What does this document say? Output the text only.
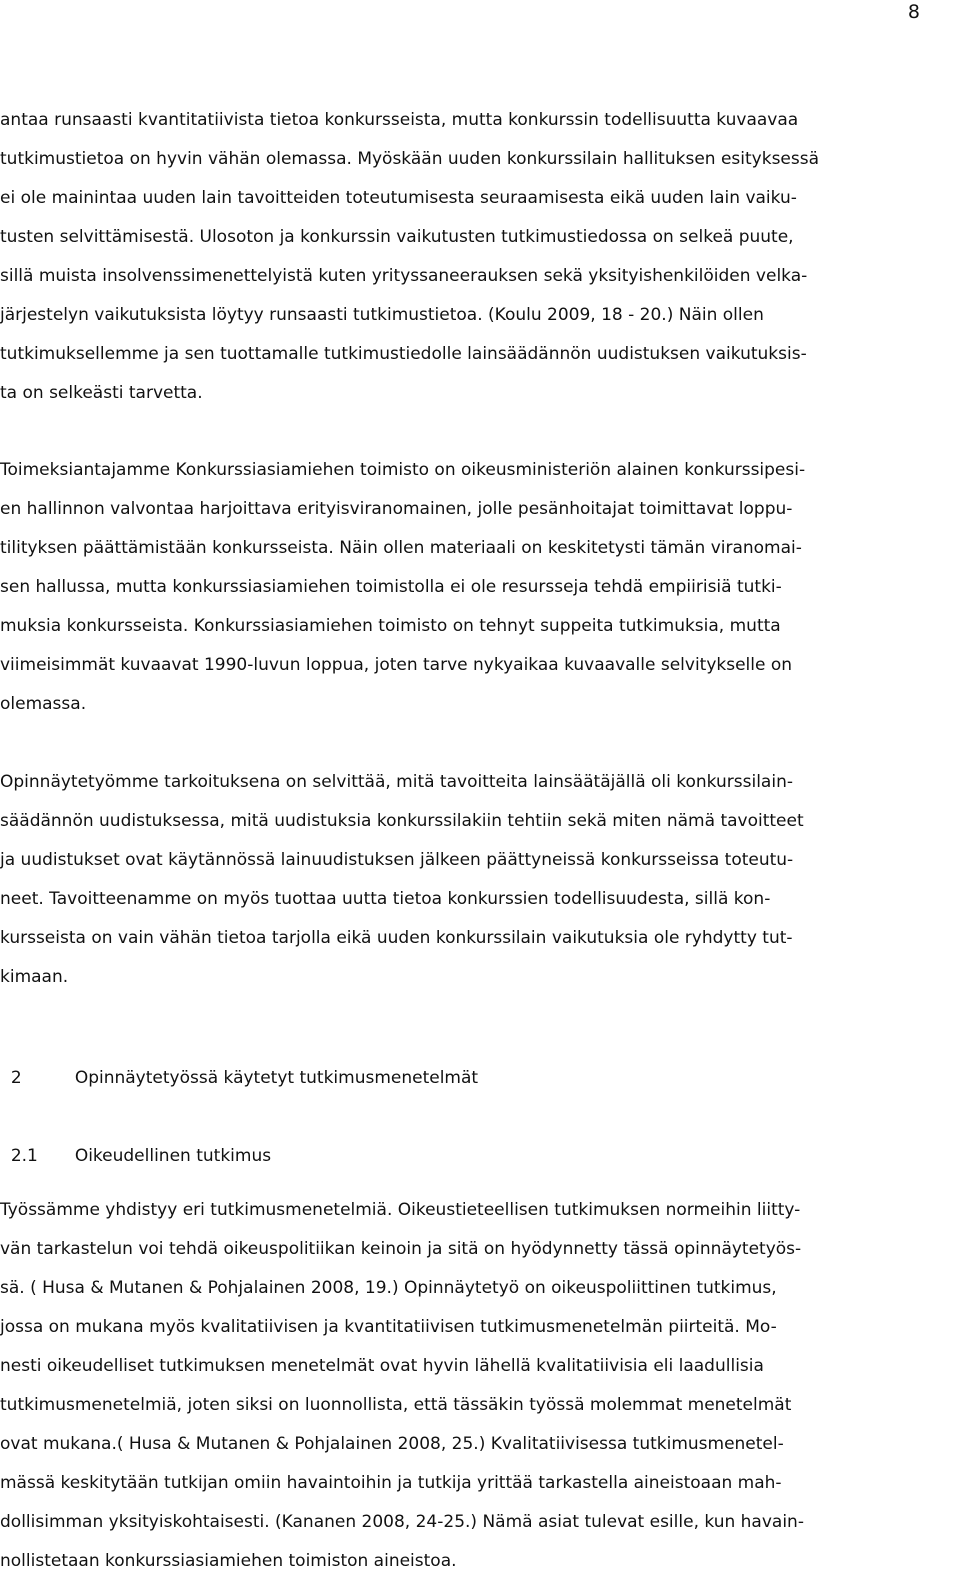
8
antaa runsaasti kvantitatiivista tietoa konkursseista, mutta konkurssin todellisuutta kuvaavaa
tutkimustietoa on hyvin vähän olemassa. Myöskään uuden konkurssilain hallituksen esityksessä
ei ole mainintaa uuden lain tavoitteiden toteutumisesta seuraamisesta eikä uuden lain vaiku-
tusten selvittämisestä. Ulosoton ja konkurssin vaikutusten tutkimustiedossa on selkeä puute,
sillä muista insolvenssimenettelyistä kuten yrityssaneerauksen sekä yksityishenkilöiden velka-
järjestelyn vaikutuksista löytyy runsaasti tutkimustietoa. (Koulu 2009, 18 - 20.) Näin ollen
tutkimuksellemme ja sen tuottamalle tutkimustiedolle lainsäädännön uudistuksen vaikutuksis-
ta on selkeästi tarvetta.
Toimeksiantajamme Konkurssiasiamiehen toimisto on oikeusministeriön alainen konkurssipesi-
en hallinnon valvontaa harjoittava erityisviranomainen, jolle pesänhoitajat toimittavat loppu-
tilityksen päättämistään konkursseista. Näin ollen materiaali on keskitetysti tämän viranomai-
sen hallussa, mutta konkurssiasiamiehen toimistolla ei ole resursseja tehdä empiirisiä tutki-
muksia konkursseista. Konkurssiasiamiehen toimisto on tehnyt suppeita tutkimuksia, mutta
viimeisimmät kuvaavat 1990-luvun loppua, joten tarve nykyaikaa kuvaavalle selvitykselle on
olemassa.
Opinnäytetyömme tarkoituksena on selvittää, mitä tavoitteita lainsäätäjällä oli konkurssilain-
säädännön uudistuksessa, mitä uudistuksia konkurssilakiin tehtiin sekä miten nämä tavoitteet
ja uudistukset ovat käytännössä lainuudistuksen jälkeen päättyneissä konkursseissa toteutu-
neet. Tavoitteenamme on myös tuottaa uutta tietoa konkurssien todellisuudesta, sillä kon-
kursseista on vain vähän tietoa tarjolla eikä uuden konkurssilain vaikutuksia ole ryhdytty tut-
kimaan.

2	Opinnäytetyössä käytetyt tutkimusmenetelmät

2.1 Oikeudellinen tutkimus

Työssämme yhdistyy eri tutkimusmenetelmiä. Oikeustieteellisen tutkimuksen normeihin liitty-
vän tarkastelun voi tehdä oikeuspolitiikan keinoin ja sitä on hyödynnetty tässä opinnäytetyös-
sä. ( Husa & Mutanen & Pohjalainen 2008, 19.) Opinnäytetyö on oikeuspoliittinen tutkimus,
jossa on mukana myös kvalitatiivisen ja kvantitatiivisen tutkimusmenetelmän piirteitä. Mo-
nesti oikeudelliset tutkimuksen menetelmät ovat hyvin lähellä kvalitatiivisia eli laadullisia
tutkimusmenetelmiä, joten siksi on luonnollista, että tässäkin työssä molemmat menetelmät
ovat mukana.( Husa & Mutanen & Pohjalainen 2008, 25.) Kvalitatiivisessa tutkimusmenetel-
mässä keskitytään tutkijan omiin havaintoihin ja tutkija yrittää tarkastella aineistoaan mah-
dollisimman yksityiskohtaisesti. (Kananen 2008, 24-25.) Nämä asiat tulevat esille, kun havain-
nollistetaan konkurssiasiamiehen toimiston aineistoa.
